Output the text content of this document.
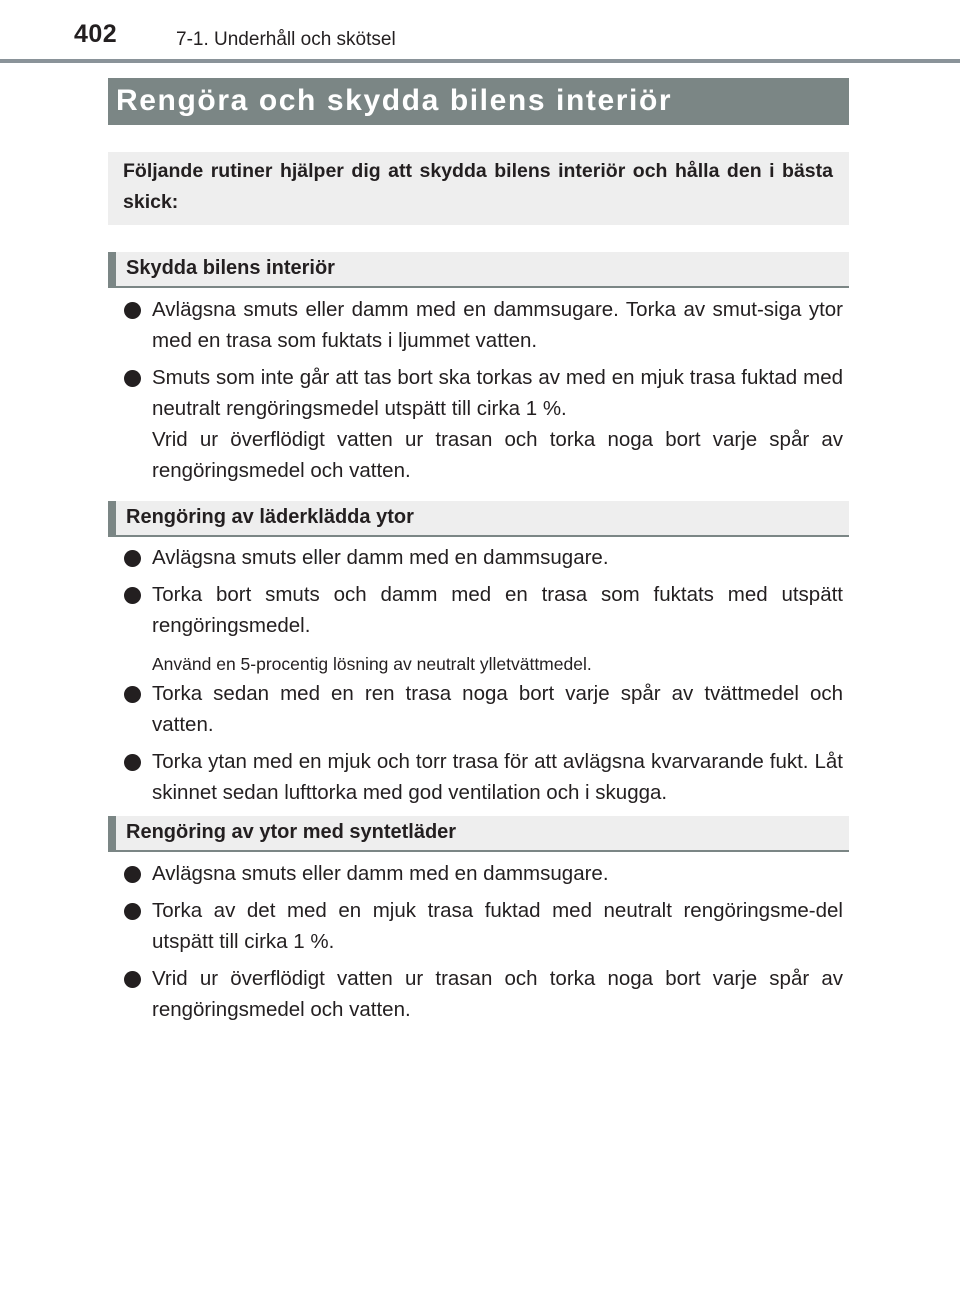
402	7-1. Underhåll och skötsel
Rengöra och skydda bilens interiör
Följande rutiner hjälper dig att skydda bilens interiör och hålla den i bästa skick:
Skydda bilens interiör
Avlägsna smuts eller damm med en dammsugare. Torka av smut-siga ytor med en trasa som fuktats i ljummet vatten.
Smuts som inte går att tas bort ska torkas av med en mjuk trasa fuktad med neutralt rengöringsmedel utspätt till cirka 1 %.
Vrid ur överflödigt vatten ur trasan och torka noga bort varje spår av rengöringsmedel och vatten.
Rengöring av läderklädda ytor
Avlägsna smuts eller damm med en dammsugare.
Torka bort smuts och damm med en trasa som fuktats med utspätt rengöringsmedel.
Använd en 5-procentig lösning av neutralt ylletvättmedel.
Torka sedan med en ren trasa noga bort varje spår av tvättmedel och vatten.
Torka ytan med en mjuk och torr trasa för att avlägsna kvarvarande fukt. Låt skinnet sedan lufttorka med god ventilation och i skugga.
Rengöring av ytor med syntetläder
Avlägsna smuts eller damm med en dammsugare.
Torka av det med en mjuk trasa fuktad med neutralt rengöringsme-del utspätt till cirka 1 %.
Vrid ur överflödigt vatten ur trasan och torka noga bort varje spår av rengöringsmedel och vatten.
